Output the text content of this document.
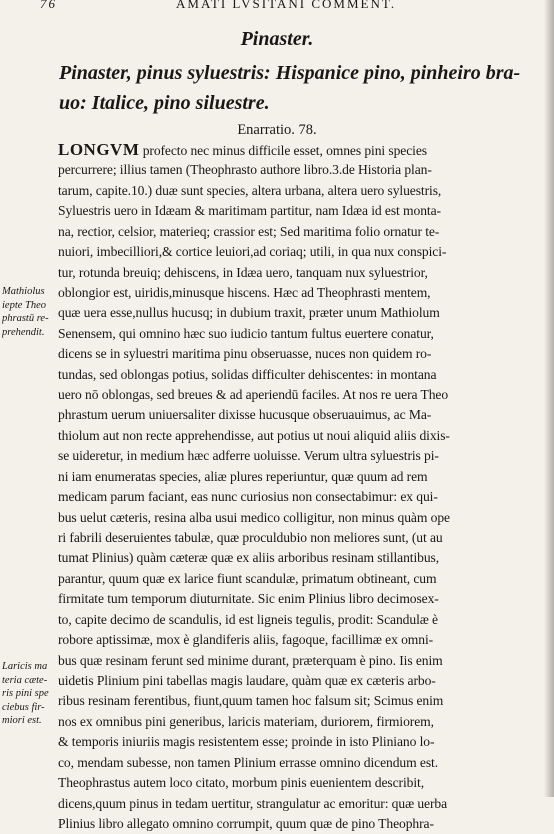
76	AMATI LVSITANI COMMENT.
Pinaster.
Pinaster, pinus syluestris: Hispanice pino, pinheiro bra-
uo: Italice, pino siluestre.
Enarratio. 78.
LONGVM profecto nec minus difficile esset, omnes pini species
percurrere; illius tamen (Theophrasto authore libro.3.de Historia plan-
tarum, capite.10.) duæ sunt species, altera urbana, altera uero syluestris,
Syluestris uero in Idæam & maritimam partitur, nam Idæa id est monta-
na, rectior, celsior, materieq; crassior est; Sed maritima folio ornatur te-
nuiori, imbecilliori,& cortice leuiori,ad coriaq; utili, in qua nux conspici-
tur, rotunda breuiq; dehiscens, in Idæa uero, tanquam nux syluestrior,
oblongior est, uiridis,minusque hiscens. Hæc ad Theophrasti mentem,
quæ uera esse,nullus hucusq; in dubium traxit, præter unum Mathiolum
Senensem, qui omnino hæc suo iudicio tantum fultus euertere conatur,
dicens se in syluestri maritima pinu obseruasse, nuces non quidem ro-
tundas, sed oblongas potius, solidas difficulter dehiscentes: in montana
uero nō oblongas, sed breues & ad aperiendū faciles. At nos re uera Theo
phrastum uerum uniuersaliter dixisse hucusque obseruauimus, ac Ma-
thiolum aut non recte apprehendisse, aut potius ut noui aliquid aliis dixis-
se uideretur, in medium hæc adferre uoluisse. Verum ultra syluestris pi-
ni iam enumeratas species, aliæ plures reperiuntur, quæ quum ad rem
medicam parum faciant, eas nunc curiosius non consectabimur: ex qui-
bus uelut cæteris, resina alba usui medico colligitur, non minus quàm ope
ri fabrili deseruientes tabulæ, quæ proculdubio non meliores sunt, (ut au
tumat Plinius) quàm cæteræ quæ ex aliis arboribus resinam stillantibus,
parantur, quum quæ ex larice fiunt scandulæ, primatum obtineant, cum
firmitate tum temporum diuturnitate. Sic enim Plinius libro decimosex-
to, capite decimo de scandulis, id est ligneis tegulis, prodit: Scandulæ è
robore aptissimæ, mox è glandiferis aliis, fagoque, facillimæ ex omni-
bus quæ resinam ferunt sed minime durant, præterquam è pino. Iis enim
uidetis Plinium pini tabellas magis laudare, quàm quæ ex cæteris arbo-
ribus resinam ferentibus, fiunt,quum tamen hoc falsum sit; Scimus enim
nos ex omnibus pini generibus, laricis materiam, duriorem, firmiorem,
& temporis iniuriis magis resistentem esse; proinde in isto Pliniano lo-
co, mendam subesse, non tamen Plinium errasse omnino dicendum est.
Theophrastus autem loco citato, morbum pinis euenientem describit,
dicens,quum pinus in tedam uertitur, strangulatur ac emoritur: quæ uerba
Plinius libro allegato omnino corrumpit, quum quæ de pino Theophra-
Mathiolus
iepte Theo
phrastū re-
prehendit.
Laricis ma
teria cæte-
ris pini spe
ciebus fir-
miori est.
